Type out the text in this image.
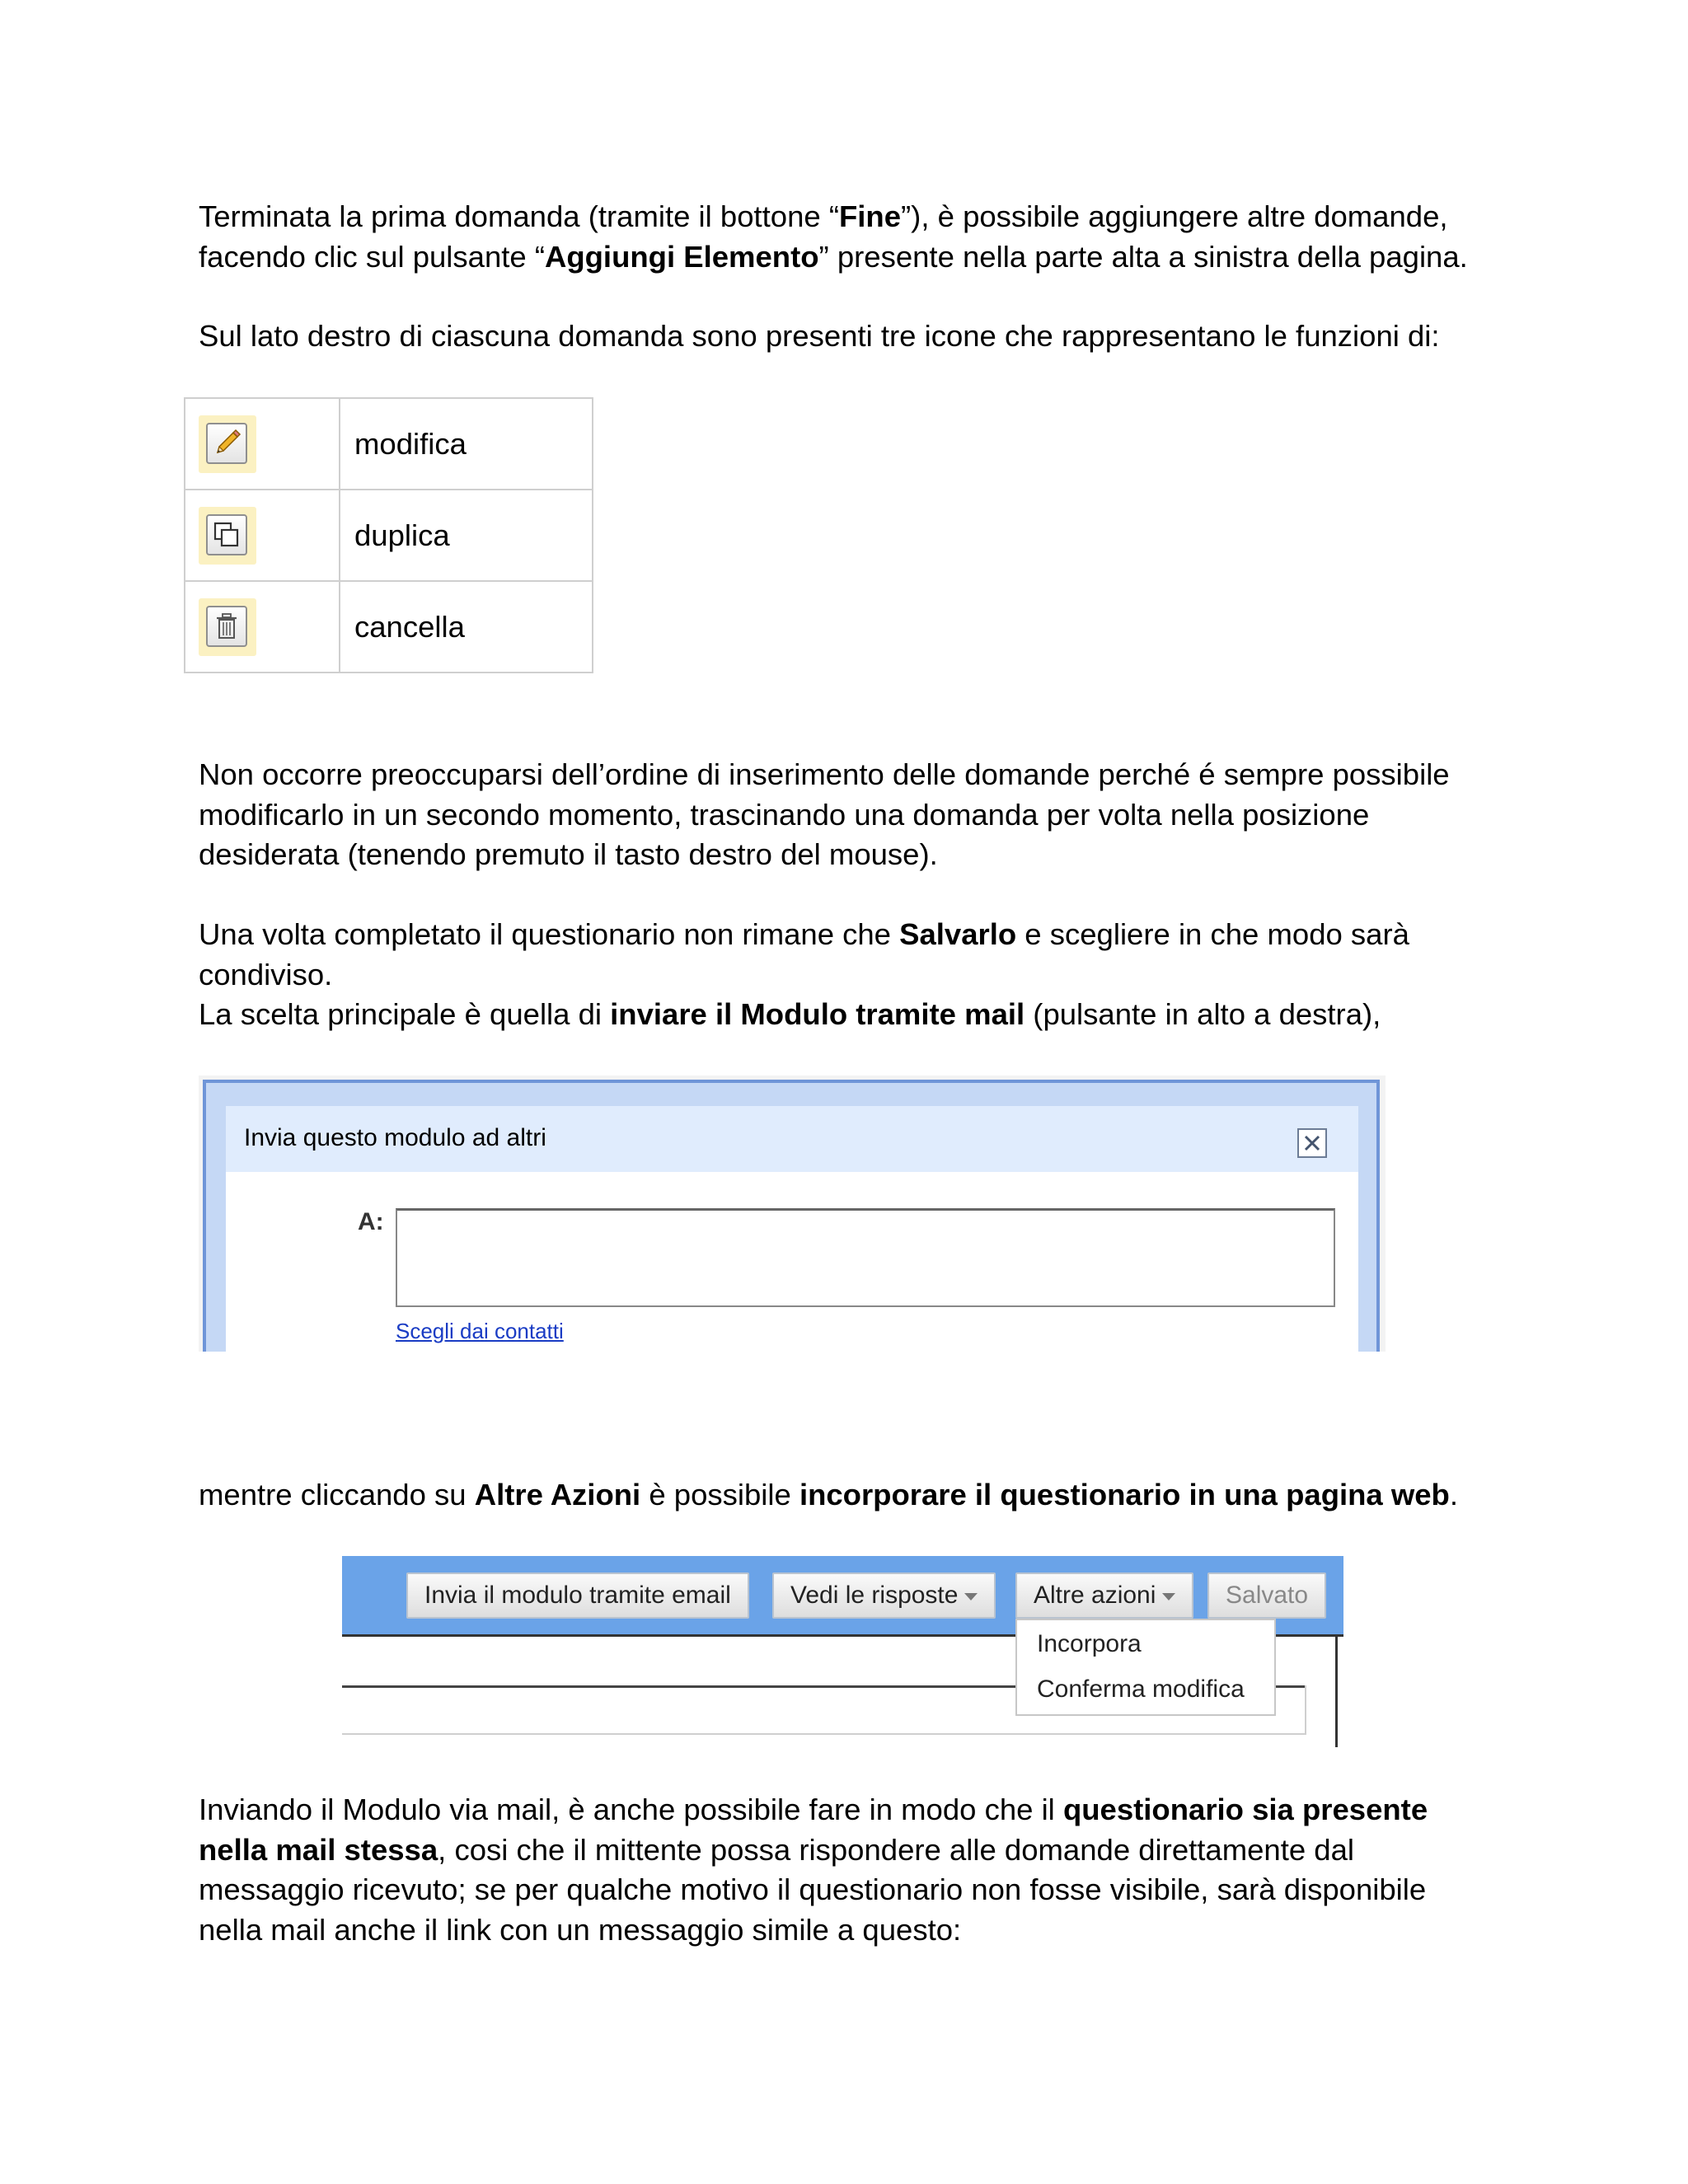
Terminata la prima domanda (tramite il bottone “Fine”), è possibile aggiungere altre domande,
facendo clic sul pulsante “Aggiungi Elemento” presente nella parte alta a sinistra della pagina.

Sul lato destro di ciascuna domanda sono presenti tre icone che rappresentano le funzioni di:

	modifica

	duplica

	cancella

Non occorre preoccuparsi dell’ordine di inserimento delle domande perché é sempre possibile
modificarlo in un secondo momento, trascinando una domanda per volta nella posizione
desiderata (tenendo premuto il tasto destro del mouse).

Una volta completato il questionario non rimane che Salvarlo e scegliere in che modo sarà
condiviso.
La scelta principale è quella di inviare il Modulo tramite mail (pulsante in alto a destra),

Invia questo modulo ad altri
A:
Scegli dai contatti

mentre cliccando su Altre Azioni è possibile incorporare il questionario in una pagina web.

Invia il modulo tramite email	Vedi le risposte	Altre azioni	Salvato
Incorpora
Conferma modifica

Inviando il Modulo via mail, è anche possibile fare in modo che il questionario sia presente
nella mail stessa, cosi che il mittente possa rispondere alle domande direttamente dal
messaggio ricevuto; se per qualche motivo il questionario non fosse visibile, sarà disponibile
nella mail anche il link con un messaggio simile a questo:
